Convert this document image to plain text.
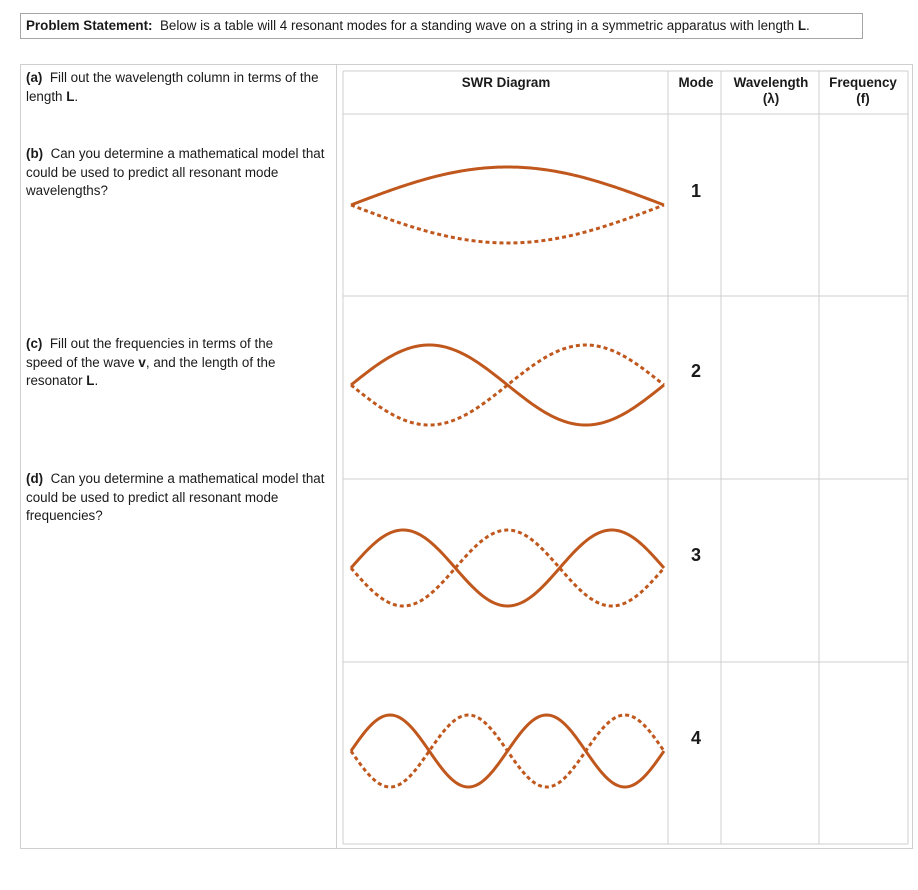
Problem Statement: Below is a table will 4 resonant modes for a standing wave on a string in a symmetric apparatus with length L.
(a) Fill out the wavelength column in terms of the length L.
(b) Can you determine a mathematical model that could be used to predict all resonant mode wavelengths?
(c) Fill out the frequencies in terms of the speed of the wave v, and the length of the resonator L.
(d) Can you determine a mathematical model that could be used to predict all resonant mode frequencies?
SWR Diagram	Mode	Wavelength
(λ)
Frequency
(f)
1
2
3
4
